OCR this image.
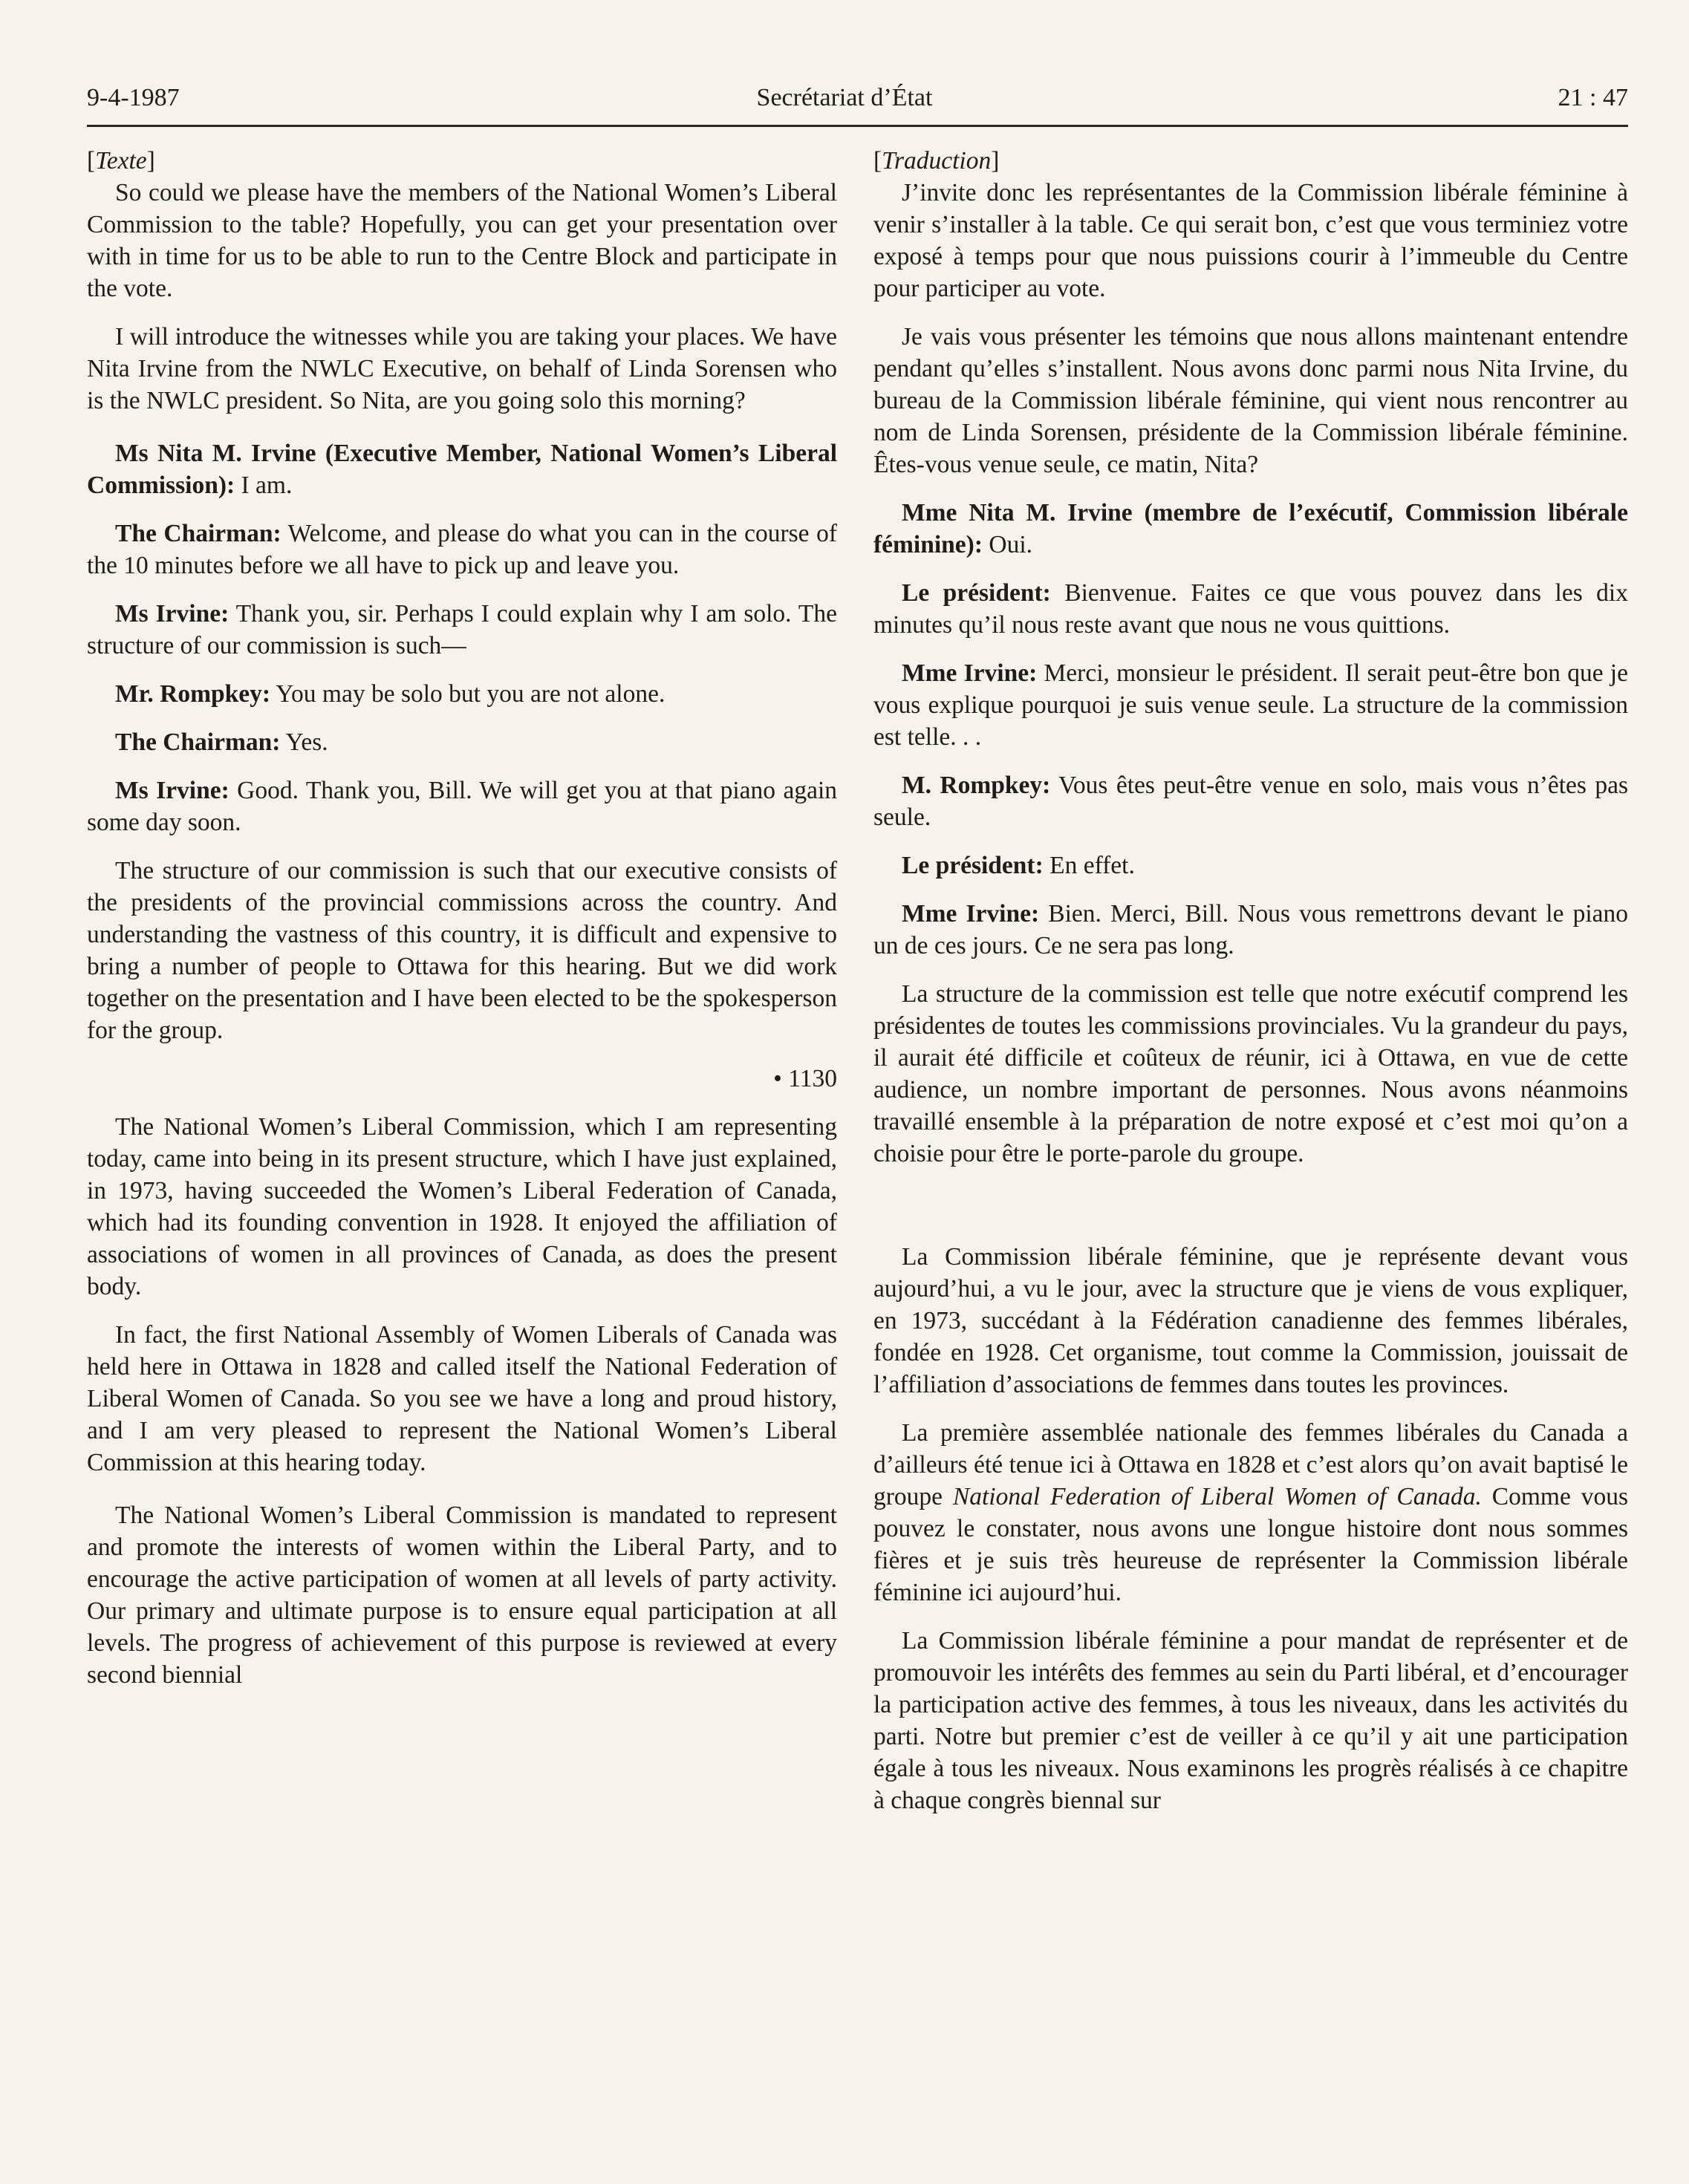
9-4-1987	Secrétariat d’État	21 : 47

[Texte]

So could we please have the members of the National Women’s Liberal Commission to the table? Hopefully, you can get your presentation over with in time for us to be able to run to the Centre Block and participate in the vote.

I will introduce the witnesses while you are taking your places. We have Nita Irvine from the NWLC Executive, on behalf of Linda Sorensen who is the NWLC president. So Nita, are you going solo this morning?

Ms Nita M. Irvine (Executive Member, National Women’s Liberal Commission): I am.

The Chairman: Welcome, and please do what you can in the course of the 10 minutes before we all have to pick up and leave you.

Ms Irvine: Thank you, sir. Perhaps I could explain why I am solo. The structure of our commission is such—

Mr. Rompkey: You may be solo but you are not alone.

The Chairman: Yes.

Ms Irvine: Good. Thank you, Bill. We will get you at that piano again some day soon.

The structure of our commission is such that our executive consists of the presidents of the provincial commissions across the country. And understanding the vastness of this country, it is difficult and expensive to bring a number of people to Ottawa for this hearing. But we did work together on the presentation and I have been elected to be the spokesperson for the group.

• 1130

The National Women’s Liberal Commission, which I am representing today, came into being in its present structure, which I have just explained, in 1973, having succeeded the Women’s Liberal Federation of Canada, which had its founding convention in 1928. It enjoyed the affiliation of associations of women in all provinces of Canada, as does the present body.

In fact, the first National Assembly of Women Liberals of Canada was held here in Ottawa in 1828 and called itself the National Federation of Liberal Women of Canada. So you see we have a long and proud history, and I am very pleased to represent the National Women’s Liberal Commission at this hearing today.

The National Women’s Liberal Commission is mandated to represent and promote the interests of women within the Liberal Party, and to encourage the active participation of women at all levels of party activity. Our primary and ultimate purpose is to ensure equal participation at all levels. The progress of achievement of this purpose is reviewed at every second biennial

[Traduction]

J’invite donc les représentantes de la Commission libérale féminine à venir s’installer à la table. Ce qui serait bon, c’est que vous terminiez votre exposé à temps pour que nous puissions courir à l’immeuble du Centre pour participer au vote.

Je vais vous présenter les témoins que nous allons maintenant entendre pendant qu’elles s’installent. Nous avons donc parmi nous Nita Irvine, du bureau de la Commission libérale féminine, qui vient nous rencontrer au nom de Linda Sorensen, présidente de la Commission libérale féminine. Êtes-vous venue seule, ce matin, Nita?

Mme Nita M. Irvine (membre de l’exécutif, Commission libérale féminine): Oui.

Le président: Bienvenue. Faites ce que vous pouvez dans les dix minutes qu’il nous reste avant que nous ne vous quittions.

Mme Irvine: Merci, monsieur le président. Il serait peut-être bon que je vous explique pourquoi je suis venue seule. La structure de la commission est telle. . .

M. Rompkey: Vous êtes peut-être venue en solo, mais vous n’êtes pas seule.

Le président: En effet.

Mme Irvine: Bien. Merci, Bill. Nous vous remettrons devant le piano un de ces jours. Ce ne sera pas long.

La structure de la commission est telle que notre exécutif comprend les présidentes de toutes les commissions provinciales. Vu la grandeur du pays, il aurait été difficile et coûteux de réunir, ici à Ottawa, en vue de cette audience, un nombre important de personnes. Nous avons néanmoins travaillé ensemble à la préparation de notre exposé et c’est moi qu’on a choisie pour être le porte-parole du groupe.

La Commission libérale féminine, que je représente devant vous aujourd’hui, a vu le jour, avec la structure que je viens de vous expliquer, en 1973, succédant à la Fédération canadienne des femmes libérales, fondée en 1928. Cet organisme, tout comme la Commission, jouissait de l’affiliation d’associations de femmes dans toutes les provinces.

La première assemblée nationale des femmes libérales du Canada a d’ailleurs été tenue ici à Ottawa en 1828 et c’est alors qu’on avait baptisé le groupe National Federation of Liberal Women of Canada. Comme vous pouvez le constater, nous avons une longue histoire dont nous sommes fières et je suis très heureuse de représenter la Commission libérale féminine ici aujourd’hui.

La Commission libérale féminine a pour mandat de représenter et de promouvoir les intérêts des femmes au sein du Parti libéral, et d’encourager la participation active des femmes, à tous les niveaux, dans les activités du parti. Notre but premier c’est de veiller à ce qu’il y ait une participation égale à tous les niveaux. Nous examinons les progrès réalisés à ce chapitre à chaque congrès biennal sur
